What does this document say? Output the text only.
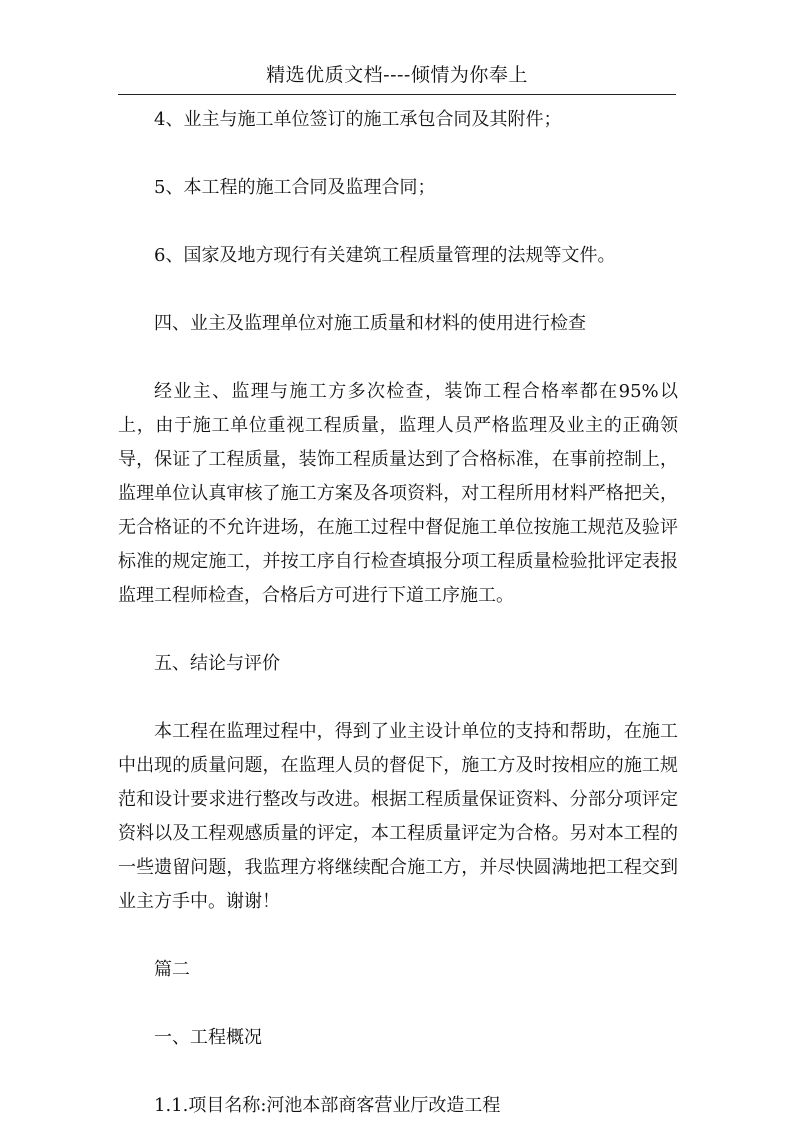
精选优质文档----倾情为你奉上
4、业主与施工单位签订的施工承包合同及其附件；
5、本工程的施工合同及监理合同；
6、国家及地方现行有关建筑工程质量管理的法规等文件。
四、业主及监理单位对施工质量和材料的使用进行检查

经业主、监理与施工方多次检查，装饰工程合格率都在95%以上，由于施工单位重视工程质量，监理人员严格监理及业主的正确领导，保证了工程质量，装饰工程质量达到了合格标准，在事前控制上，监理单位认真审核了施工方案及各项资料，对工程所用材料严格把关，无合格证的不允许进场，在施工过程中督促施工单位按施工规范及验评标准的规定施工，并按工序自行检查填报分项工程质量检验批评定表报监理工程师检查，合格后方可进行下道工序施工。

五、结论与评价

本工程在监理过程中，得到了业主设计单位的支持和帮助，在施工中出现的质量问题，在监理人员的督促下，施工方及时按相应的施工规范和设计要求进行整改与改进。根据工程质量保证资料、分部分项评定资料以及工程观感质量的评定，本工程质量评定为合格。另对本工程的一些遗留问题，我监理方将继续配合施工方，并尽快圆满地把工程交到业主方手中。谢谢！

篇二
一、工程概况
1.1.项目名称:河池本部商客营业厅改造工程
